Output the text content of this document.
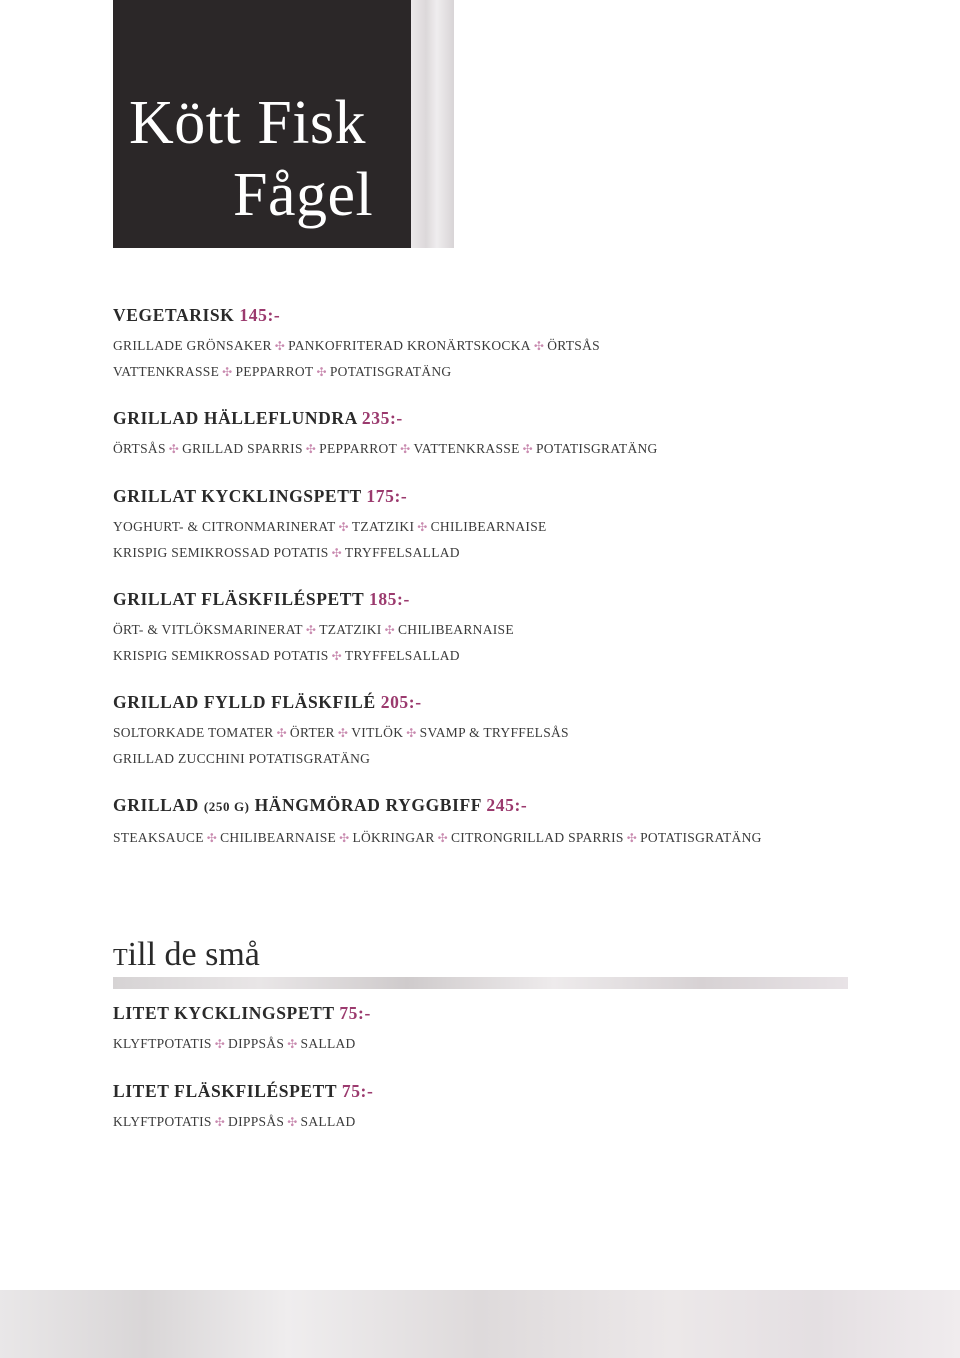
Kött Fisk
Fågel
VEGETARISK 145:-
GRILLADE GRÖNSAKER ✣ PANKOFRITERAD KRONÄRTSKOCKA ✣ ÖRTSÅS
VATTENKRASSE ✣ PEPPARROT ✣ POTATISGRATÄNG
GRILLAD HÄLLEFLUNDRA 235:-
ÖRTSÅS ✣ GRILLAD SPARRIS ✣ PEPPARROT ✣ VATTENKRASSE ✣ POTATISGRATÄNG
GRILLAT KYCKLINGSPETT 175:-
YOGHURT- & CITRONMARINERAT ✣ TZATZIKI ✣ CHILIBEARNAISE
KRISPIG SEMIKROSSAD POTATIS ✣ TRYFFELSALLAD
GRILLAT FLÄSKFILÉSPETT 185:-
ÖRT- & VITLÖKSMARINERAT ✣ TZATZIKI ✣ CHILIBEARNAISE
KRISPIG SEMIKROSSAD POTATIS ✣ TRYFFELSALLAD
GRILLAD FYLLD FLÄSKFILÉ 205:-
SOLTORKADE TOMATER ✣ ÖRTER ✣ VITLÖK ✣ SVAMP & TRYFFELSÅS
GRILLAD ZUCCHINI POTATISGRATÄNG
GRILLAD (250 G) HÄNGMÖRAD RYGGBIFF 245:-
STEAKSAUCE ✣ CHILIBEARNAISE ✣ LÖKRINGAR ✣ CITRONGRILLAD SPARRIS ✣ POTATISGRATÄNG
Till de små
LITET KYCKLINGSPETT 75:-
KLYFTPOTATIS ✣ DIPPSÅS ✣ SALLAD
LITET FLÄSKFILÉSPETT 75:-
KLYFTPOTATIS ✣ DIPPSÅS ✣ SALLAD
